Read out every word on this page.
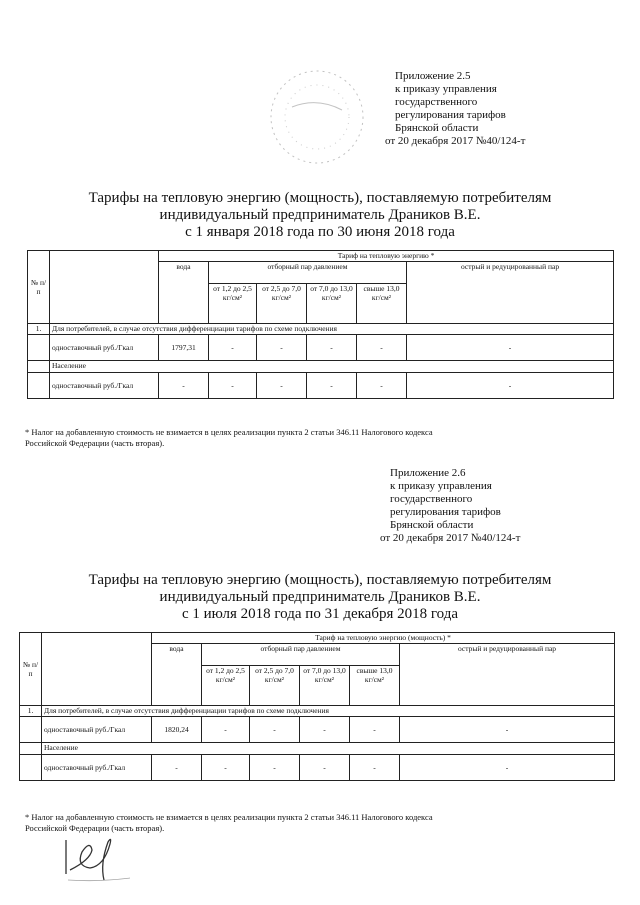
Приложение 2.5
к приказу управления
государственного
регулирования тарифов
Брянской области
от 20 декабря 2017 №40/124-т
Тарифы на тепловую энергию (мощность), поставляемую потребителям
индивидуальный предприниматель Драников В.Е.
с 1 января 2018 года по 30 июня 2018 года
№ п/п		Тариф на тепловую энергию *					
		вода	отборный пар давлением				острый и редуцированный пар
			от 1,2 до 2,5 кг/см²	от 2,5 до 7,0 кг/см²	от 7,0 до 13,0 кг/см²	свыше 13,0 кг/см²	
1.	Для потребителей, в случае отсутствия дифференциации тарифов по схеме подключения						
	одноставочный руб./Гкал	1797,31	-	-	-	-	-
	Население						
	одноставочный руб./Гкал	-	-	-	-	-	-
* Налог на добавленную стоимость не взимается в целях реализации пункта 2 статьи 346.11 Налогового кодекса
Российской Федерации (часть вторая).
Приложение 2.6
к приказу управления
государственного
регулирования тарифов
Брянской области
от 20 декабря 2017 №40/124-т
Тарифы на тепловую энергию (мощность), поставляемую потребителям
индивидуальный предприниматель Драников В.Е.
с 1 июля 2018 года по 31 декабря 2018 года
№ п/п		Тариф на тепловую энергию (мощность) *					
		вода	отборный пар давлением				острый и редуцированный пар
			от 1,2 до 2,5 кг/см²	от 2,5 до 7,0 кг/см²	от 7,0 до 13,0 кг/см²	свыше 13,0 кг/см²	
1.	Для потребителей, в случае отсутствия дифференциации тарифов по схеме подключения						
	одноставочный руб./Гкал	1820,24	-	-	-	-	-
	Население						
	одноставочный руб./Гкал	-	-	-	-	-	-
* Налог на добавленную стоимость не взимается в целях реализации пункта 2 статьи 346.11 Налогового кодекса
Российской Федерации (часть вторая).
